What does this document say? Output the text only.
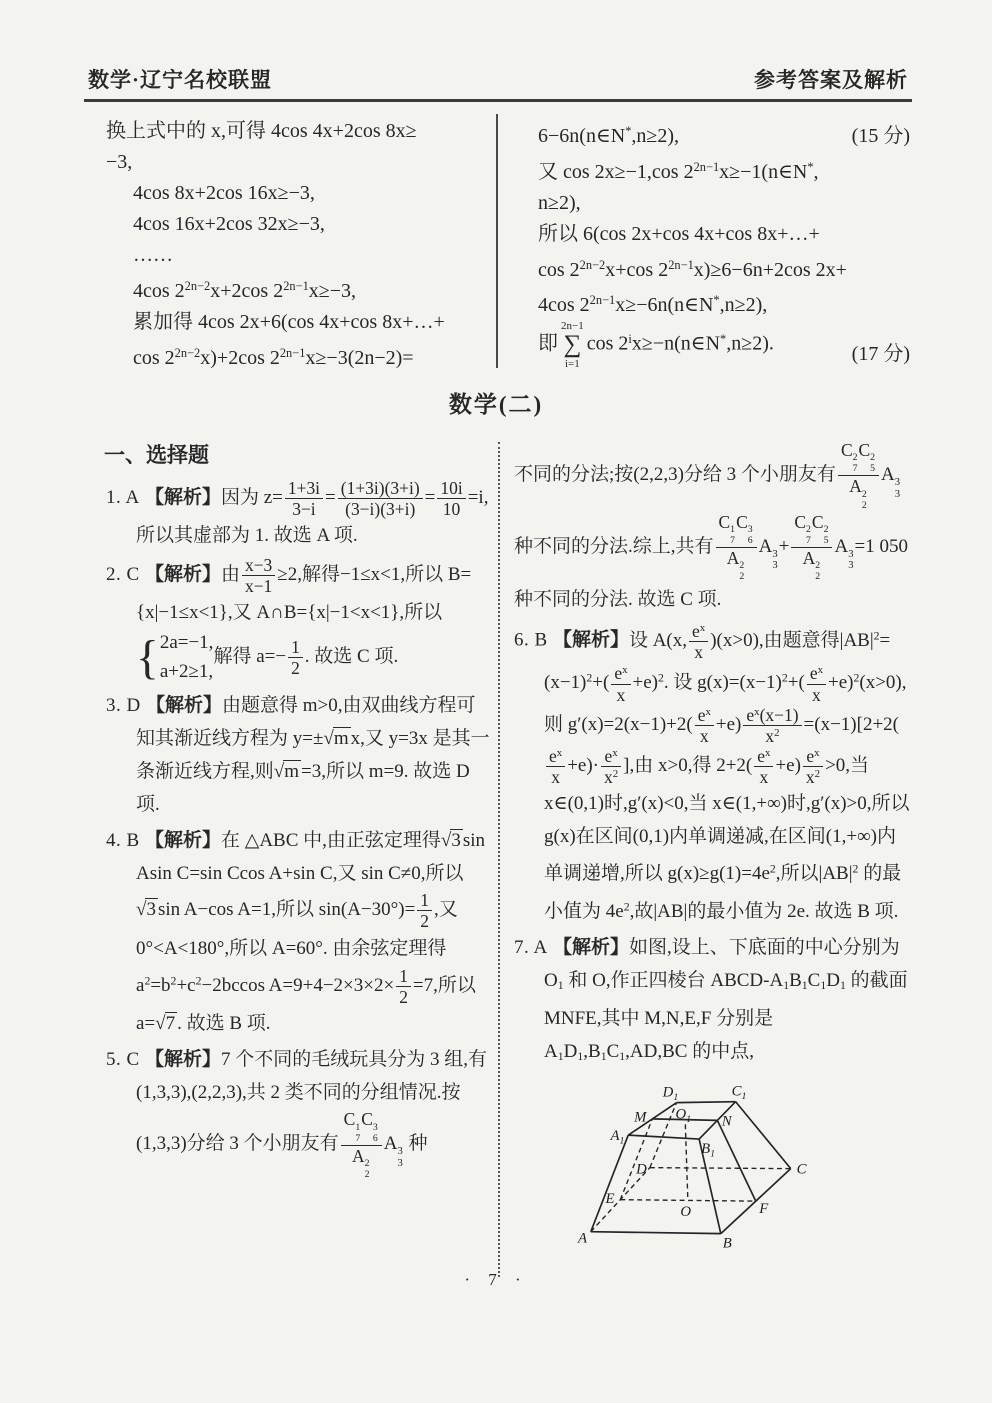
数学·辽宁名校联盟	参考答案及解析
换上式中的 x,可得 4cos 4x+2cos 8x≥
−3,
4cos 8x+2cos 16x≥−3,
4cos 16x+2cos 32x≥−3,
……
4cos $2^{2n-2}x+2\cos$ $2^{2n-1}x\ge-3$,
累加得 4cos 2x+6(cos 4x+cos 8x+…+
$\cos 2^{2n-2}x)+2\cos$ $2^{2n-1}x\ge-3(2n-2)=$
6−6n(n∈N*,n≥2),	(15 分)
又 cos 2x≥−1,cos $2^{2n-1}x\ge-1(n\in N^*$,
n≥2),
所以 6(cos 2x+cos 4x+cos 8x+…+
$\cos 2^{2n-2}x+\cos$ $2^{2n-1}x)\ge 6-6n+2\cos$ 2x+
4cos $2^{2n-1}x\ge-6n(n\in N^*,n\ge 2)$,
即
2n−1
∑
i=1
$\cos 2^ix\ge-n(n\in N^*,n\ge 2)$.	(17 分)
数学(二)
一、选择题
1. A 【解析】因为 $z= \frac{1+3i}{3-i} = \frac{(1+3i)(3+i)}{(3-i)(3+i)} = \frac{10i}{10} =i$,所以其虚部为 1. 故选 A 项.
2. C 【解析】由 $\frac{x-3}{x-1} \ge 2$,解得−1≤x<1,所以 B={x|−1≤x<1},又 A∩B={x|−1<x<1},所以
{ 2a=−1,
a+2≥1,
解得 $a=- \frac{1}{2}$ . 故选 C 项.
3. D 【解析】由题意得 m>0,由双曲线方程可知其渐近线方程为 y=±√m x,又 y=3x 是其一条渐近线方程,则√m =3,所以 m=9. 故选 D 项.
4. B 【解析】在 △ABC 中,由正弦定理得√3 sin Asin C=sin Ccos A+sin C,又 sin C≠0,所以√3 sin A−cos A=1,所以 $\sin(A-30^\circ)= \frac{1}{2}$ ,又 0°<A<180°,所以 A=60°. 由余弦定理得 $a^2=b^2+c^2-2bccos$ $A=9+4-2\times 3\times 2\times \frac{1}{2} =7$,所以 a=√7 . 故选 B 项.
5. C 【解析】7 个不同的毛绒玩具分为 3 组,有(1,3,3),(2,2,3),共 2 类不同的分组情况.按(1,3,3)分给 3 个小朋友有 C 1
7
C 3
6
A 2
2 A 3
3
种
不同的分法;按(2,2,3)分给 3 个小朋友有 C 2
7
C 2
5
A 2
2 A 3
3
种不同的分法.综上,共有 C 1
7
C 3
6
A 2
2 A 3
3
+ C 2
7
C 2
5
A 2
2 A 3
3
=1 050 种不同的分法. 故选 C 项.
6. B 【解析】设 A(x, $\frac{e^x}{x} )(x>0)$,由题意得$|AB|^2=(x-1)^2+( \frac{e^x}{x} +e)^2$. 设 $g(x)=(x-1)^2+( \frac{e^x}{x} +e)^2(x>0)$,则 $g'(x)=2(x-1)+2( \frac{e^x}{x} +e) \frac{e^x(x-1)}{x^2} =(x-1)[2+2$(
$\frac{e^x}{x} +e)\cdot \frac{e^x}{x^2}$ ],由 x>0,得 $2+2( \frac{e^x}{x} +e) \frac{e^x}{x^2} >0$,当 x∈(0,1)时,g′(x)<0,当 x∈(1,+∞)时,g′(x)>0,所以 g(x)在区间(0,1)内单调递减,在区间(1,+∞)内单调递增,所以 $g(x)\ge g(1)=4e^2$,所以$|AB|^2$ 的最小值为 $4e^2$,故|AB|的最小值为 2e. 故选 B 项.
7. A 【解析】如图,设上、下底面的中心分别为 O1 和 O,作正四棱台 ABCD-A1B1C1D1 的截面 MNFE,其中 M,N,E,F 分别是 A1D1,B1C1,AD,BC 的中点,
$D_1$	$C_1$
$O_1$
M	N
$A_1$	$B_1$
D	C
E
F
O
A	B
· 7 ·
